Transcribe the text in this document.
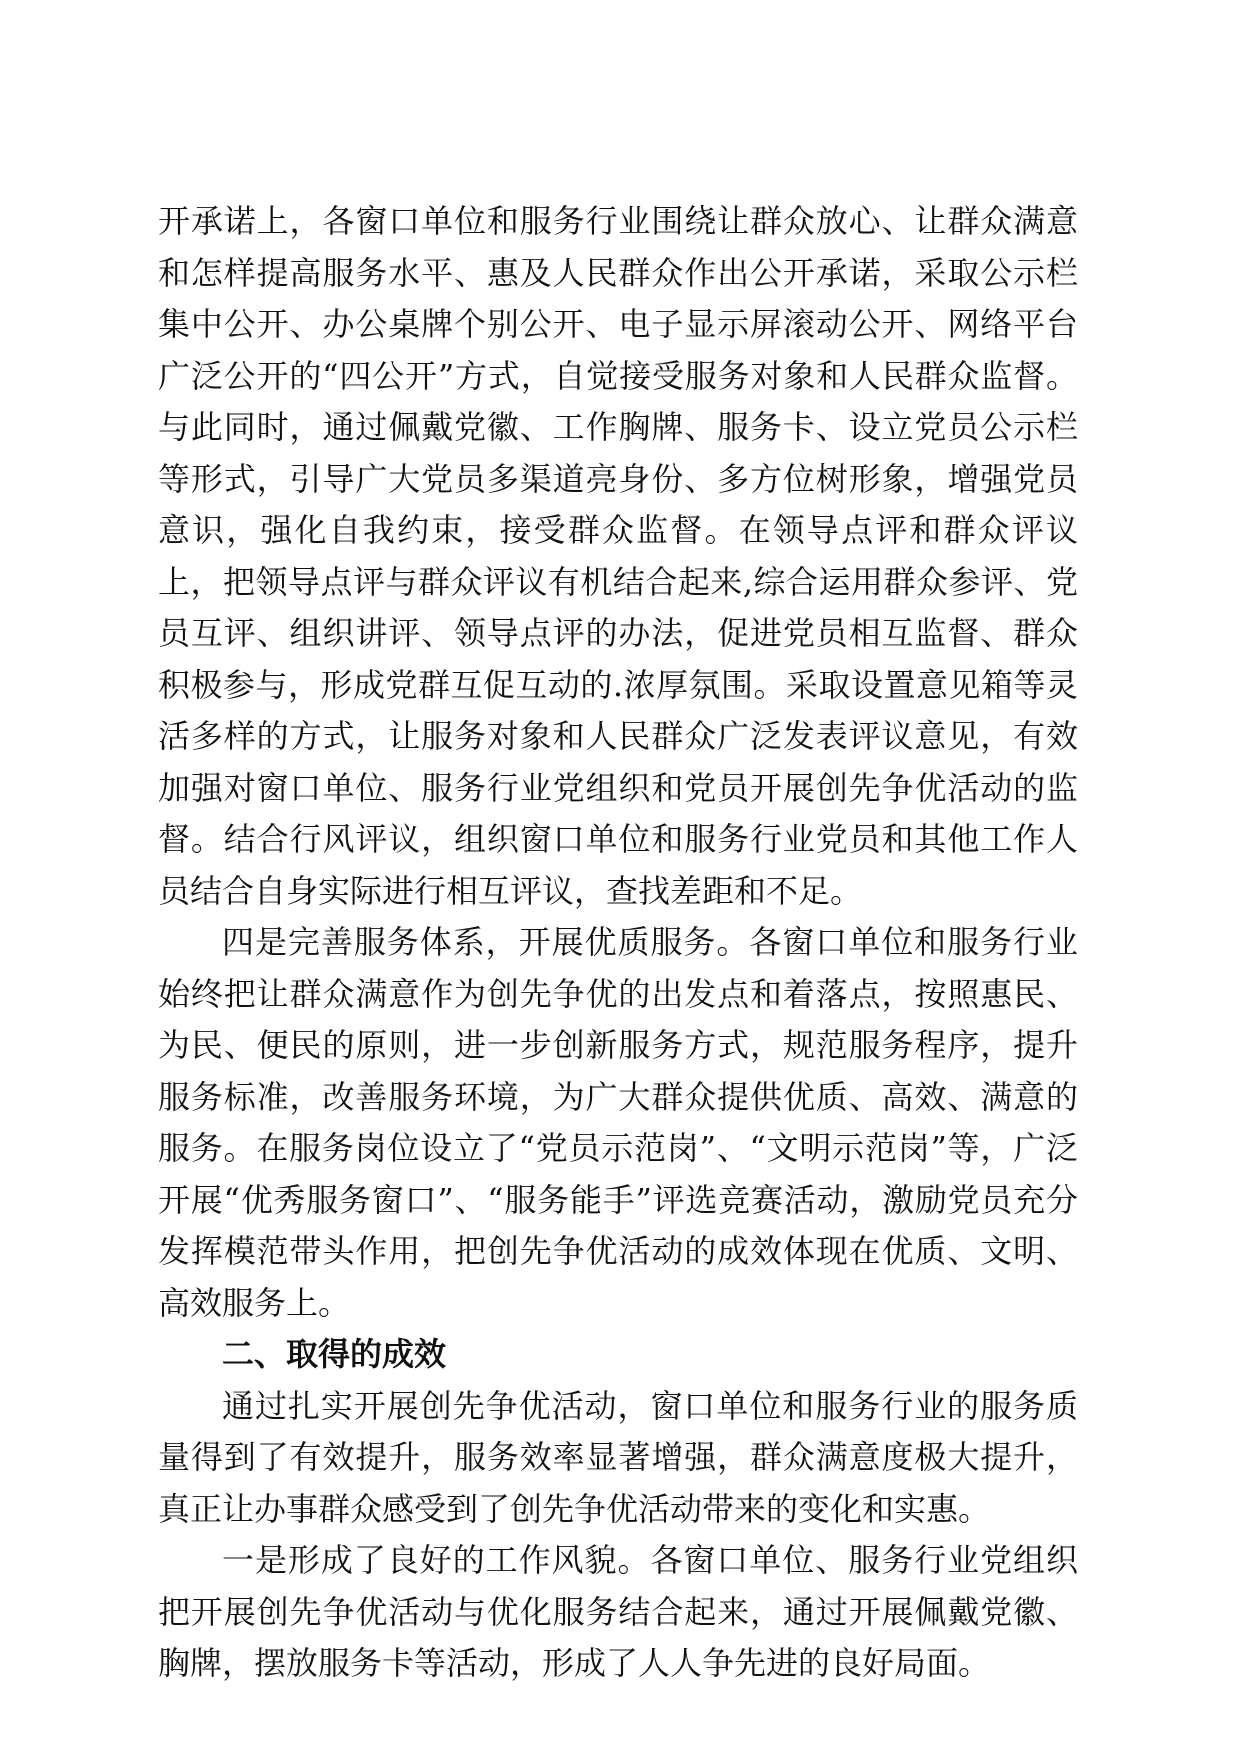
开承诺上，各窗口单位和服务行业围绕让群众放心、让群众满意和怎样提高服务水平、惠及人民群众作出公开承诺，采取公示栏集中公开、办公桌牌个别公开、电子显示屏滚动公开、网络平台广泛公开的“四公开”方式，自觉接受服务对象和人民群众监督。与此同时，通过佩戴党徽、工作胸牌、服务卡、设立党员公示栏等形式，引导广大党员多渠道亮身份、多方位树形象，增强党员意识，强化自我约束，接受群众监督。在领导点评和群众评议上，把领导点评与群众评议有机结合起来,综合运用群众参评、党员互评、组织讲评、领导点评的办法，促进党员相互监督、群众积极参与，形成党群互促互动的.浓厚氛围。采取设置意见箱等灵活多样的方式，让服务对象和人民群众广泛发表评议意见，有效加强对窗口单位、服务行业党组织和党员开展创先争优活动的监督。结合行风评议，组织窗口单位和服务行业党员和其他工作人员结合自身实际进行相互评议，查找差距和不足。

四是完善服务体系，开展优质服务。各窗口单位和服务行业始终把让群众满意作为创先争优的出发点和着落点，按照惠民、为民、便民的原则，进一步创新服务方式，规范服务程序，提升服务标准，改善服务环境，为广大群众提供优质、高效、满意的服务。在服务岗位设立了“党员示范岗”、“文明示范岗”等，广泛开展“优秀服务窗口”、“服务能手”评选竞赛活动，激励党员充分发挥模范带头作用，把创先争优活动的成效体现在优质、文明、高效服务上。

二、取得的成效

通过扎实开展创先争优活动，窗口单位和服务行业的服务质量得到了有效提升，服务效率显著增强，群众满意度极大提升，真正让办事群众感受到了创先争优活动带来的变化和实惠。

一是形成了良好的工作风貌。各窗口单位、服务行业党组织把开展创先争优活动与优化服务结合起来，通过开展佩戴党徽、胸牌，摆放服务卡等活动，形成了人人争先进的良好局面。
